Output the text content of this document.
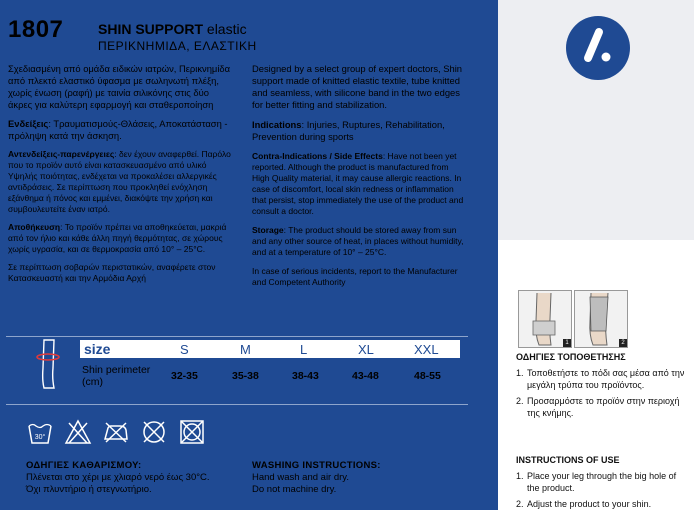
1807 SHIN SUPPORT elastic
ΠΕΡΙΚΝΗΜΙΔΑ, ΕΛΑΣΤΙΚΗ

Σχεδιασμένη από ομάδα ειδικών ιατρών, Περικνημίδα από πλεκτό ελαστικό ύφασμα με σωληνωτή πλέξη, χωρίς ένωση (ραφή) με ταινία σιλικόνης στις δύο άκρες για καλύτερη εφαρμογή και σταθεροποίηση

Ενδείξεις: Τραυματισμούς-Θλάσεις, Αποκατάσταση - πρόληψη κατά την άσκηση.

Αντενδείξεις-παρενέργειες: δεν έχουν αναφερθεί. Παρόλο που το προϊόν αυτό είναι κατασκευασμένο από υλικό Υψηλής ποιότητας, ενδέχεται να προκαλέσει αλλεργικές αντιδράσεις. Σε περίπτωση που προκληθεί ενόχληση εξάνθημα ή πόνος και εμμένει, διακόψτε την χρήση και συμβουλευτείτε έναν ιατρό.

Αποθήκευση: Το προϊόν πρέπει να αποθηκεύεται, μακριά από τον ήλιο και κάθε άλλη πηγή θερμότητας, σε χώρους χωρίς υγρασία, και σε θερμοκρασία από 10° – 25°C.

Σε περίπτωση σοβαρών περιστατικών, αναφέρετε στον Κατασκευαστή και την Αρμόδια Αρχή

Designed by a select group of expert doctors, Shin support made of knitted elastic textile, tube knitted and seamless, with silicone band in the two edges for better fitting and stabilization.

Indications: Injuries, Ruptures, Rehabilitation, Prevention during sports

Contra-Indications / Side Effects: Have not been yet reported. Although the product is manufactured from High Quality material, it may cause allergic reactions. In case of discomfort, local skin redness or inflammation that persist, stop immediately the use of the product and consult a doctor.

Storage: The product should be stored away from sun and any other source of heat, in places without humidity, and at a temperature of 10° – 25°C.

In case of serious incidents, report to the Manufacturer and Competent Authority

size	S	M	L	XL	XXL
Shin perimeter (cm)	32-35	35-38	38-43	43-48	48-55
30°
ΟΔΗΓΙΕΣ ΚΑΘΑΡΙΣΜΟΥ:
Πλένεται στο χέρι με χλιαρό νερό έως 30°C.
Όχι πλυντήριο ή στεγνωτήριο.
WASHING INSTRUCTIONS:
Hand wash and air dry.
Do not machine dry.
1	2
ΟΔΗΓΙΕΣ ΤΟΠΟΘΕΤΗΣΗΣ
1. Τοποθετήστε το πόδι σας μέσα από την μεγάλη τρύπα του προϊόντος.
2. Προσαρμόστε το προϊόν στην περιοχή της κνήμης.
INSTRUCTIONS OF USE
1. Place your leg through the big hole of the product.
2. Adjust the product to your shin.
